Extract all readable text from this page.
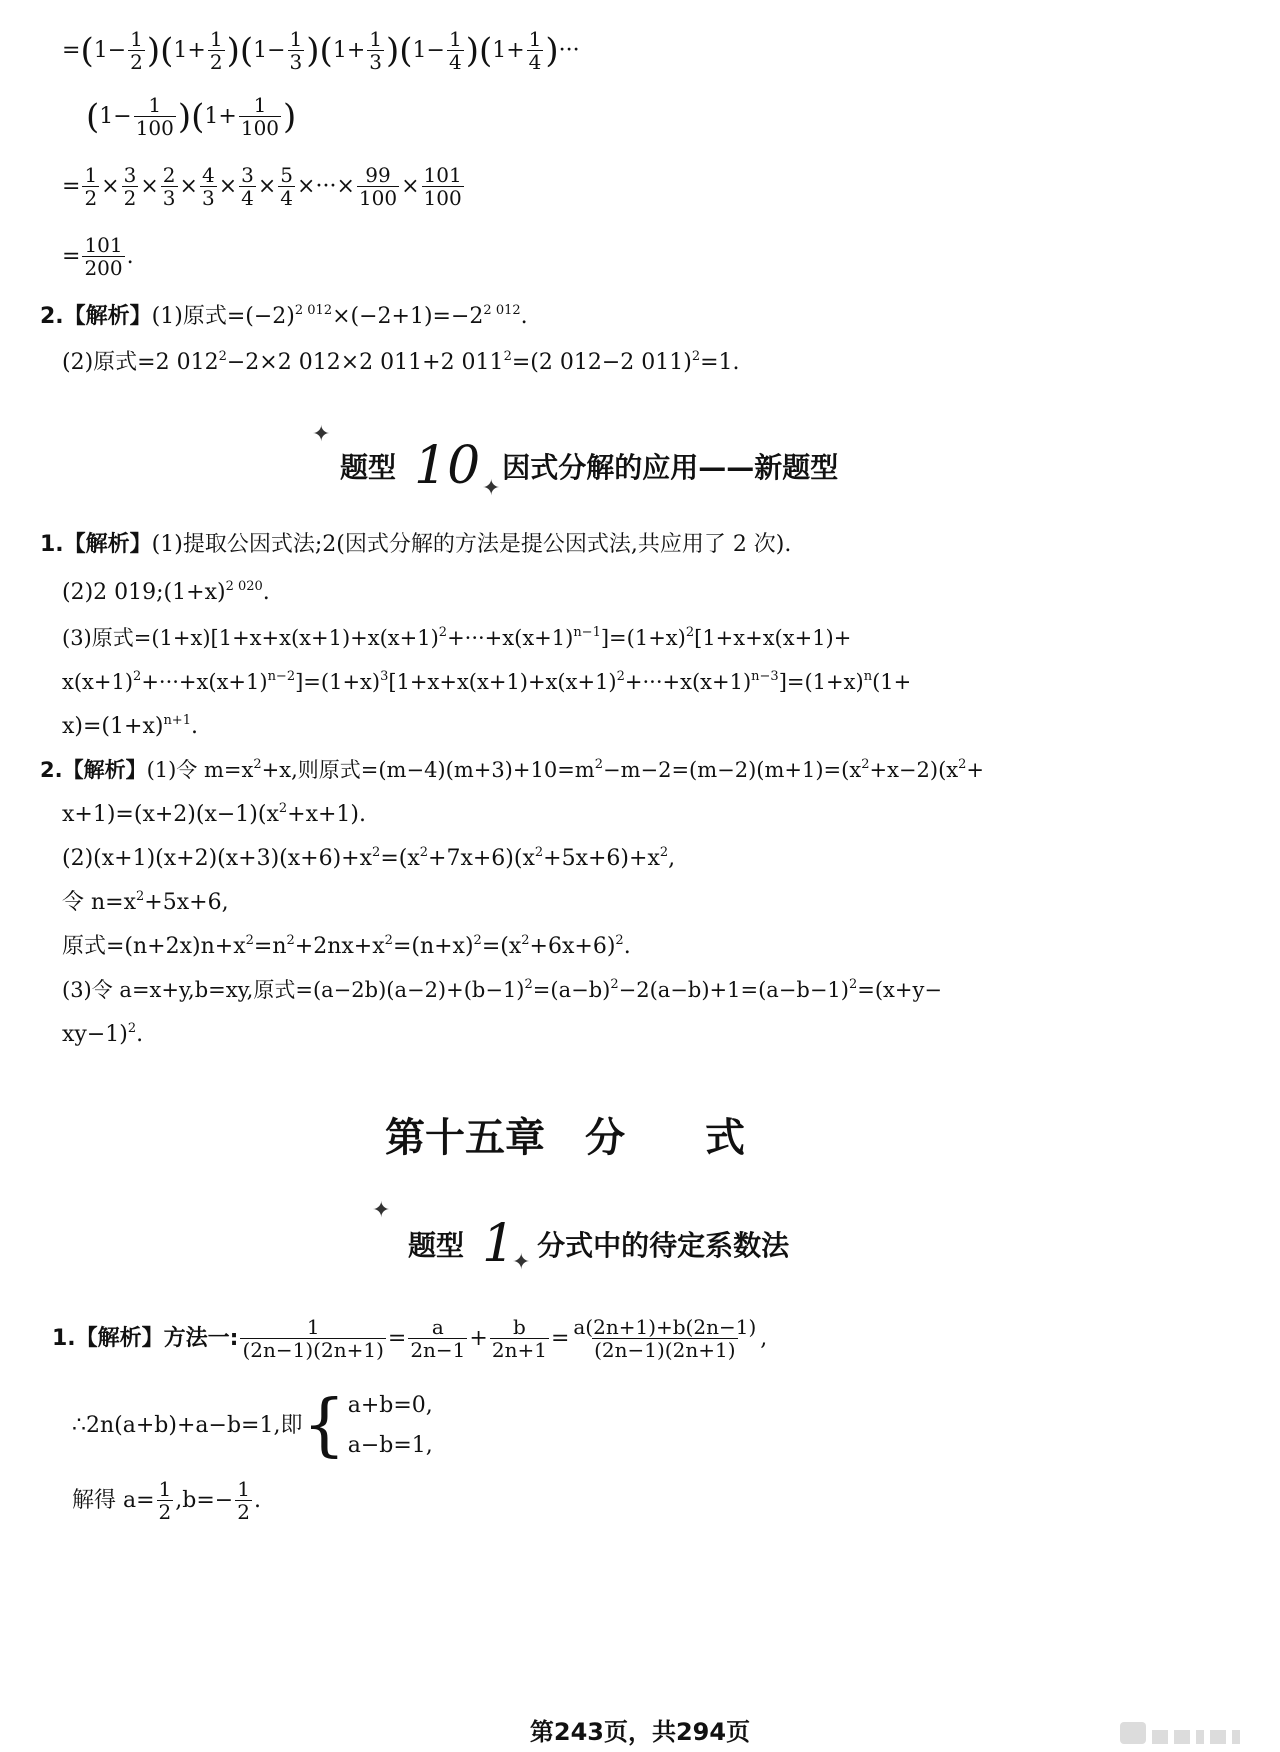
$=(1- \frac{1}{2} )(1+ \frac{1}{2} )(1- \frac{1}{3} )(1+ \frac{1}{3} )(1- \frac{1}{4} )(1+ \frac{1}{4}$ )···
$(1- \frac{1}{100} )(1+ \frac{1}{100}$ )
= $\frac{1}{2} \times \frac{3}{2} \times \frac{2}{3} \times \frac{4}{3} \times \frac{3}{4} \times \frac{5}{4}$ ×···× $\frac{99}{100} \times \frac{101}{100}$
= $\frac{101}{200}$ .
2.【解析】(1)原式$=(-2)^{2 012}\times(-2+1)=-2^{2 012}$.
(2)原式=2 $012^2-2\times 2$ 012×2 011+2 $011^2=(2$ 012−2 011)$^2$=1.
✦
题型 10 因式分解的应用——新题型
✦
1.【解析】(1)提取公因式法;2(因式分解的方法是提公因式法,共应用了 2 次).
(2)2 $019;(1+x)^{2 020}$.
(3)原式$=(1+x)[1+x+x(x+1)+x(x+1)^2+\cdot\cdot\cdot+x(x+1)^{n-1}]=(1+x)^2[1+x+x(x+1)+$
$x(x+1)^2+\cdot\cdot\cdot+x(x+1)^{n-2}]=(1+x)^3[1+x+x(x+1)+x(x+1)^2+\cdot\cdot\cdot+x(x+1)^{n-3}]=(1+x)^n(1+$
$x)=(1+x)^{n+1}$.
2.【解析】(1)令 $m=x^2+x$,则原式$=(m-4)(m+3)+10=m^2-m-2=(m-2)(m+1)=(x^2+x-2)(x^2+$
$x+1)=(x+2)(x-1)(x^2+x+1)$.
$(2)(x+1)(x+2)(x+3)(x+6)+x^2=(x^2+7x+6)(x^2+5x+6)+x^2$,
令 $n=x^2+5x+6$,
原式$=(n+2x)n+x^2=n^2+2nx+x^2=(n+x)^2=(x^2+6x+6)^2$.
(3)令 a=x+y,b=xy,原式$=(a-2b)(a-2)+(b-1)^2=(a-b)^2-2(a-b)+1=(a-b-1)^2=(x+y-$
xy−1)$^2$.
第十五章　分　　式
✦
题型 1 分式中的待定系数法
✦
1.【解析】方法一: $\frac{1}{(2n-1)(2n+1)} = \frac{a}{2n-1} + \frac{b}{2n+1} = \frac{a(2n+1)+b(2n-1)}{(2n-1)(2n+1)}$ ,
∴2n(a+b)+a−b=1,即{ a+b=0,
a−b=1,
解得 $a= \frac{1}{2} ,b=- \frac{1}{2}$ .
第243页，共294页
